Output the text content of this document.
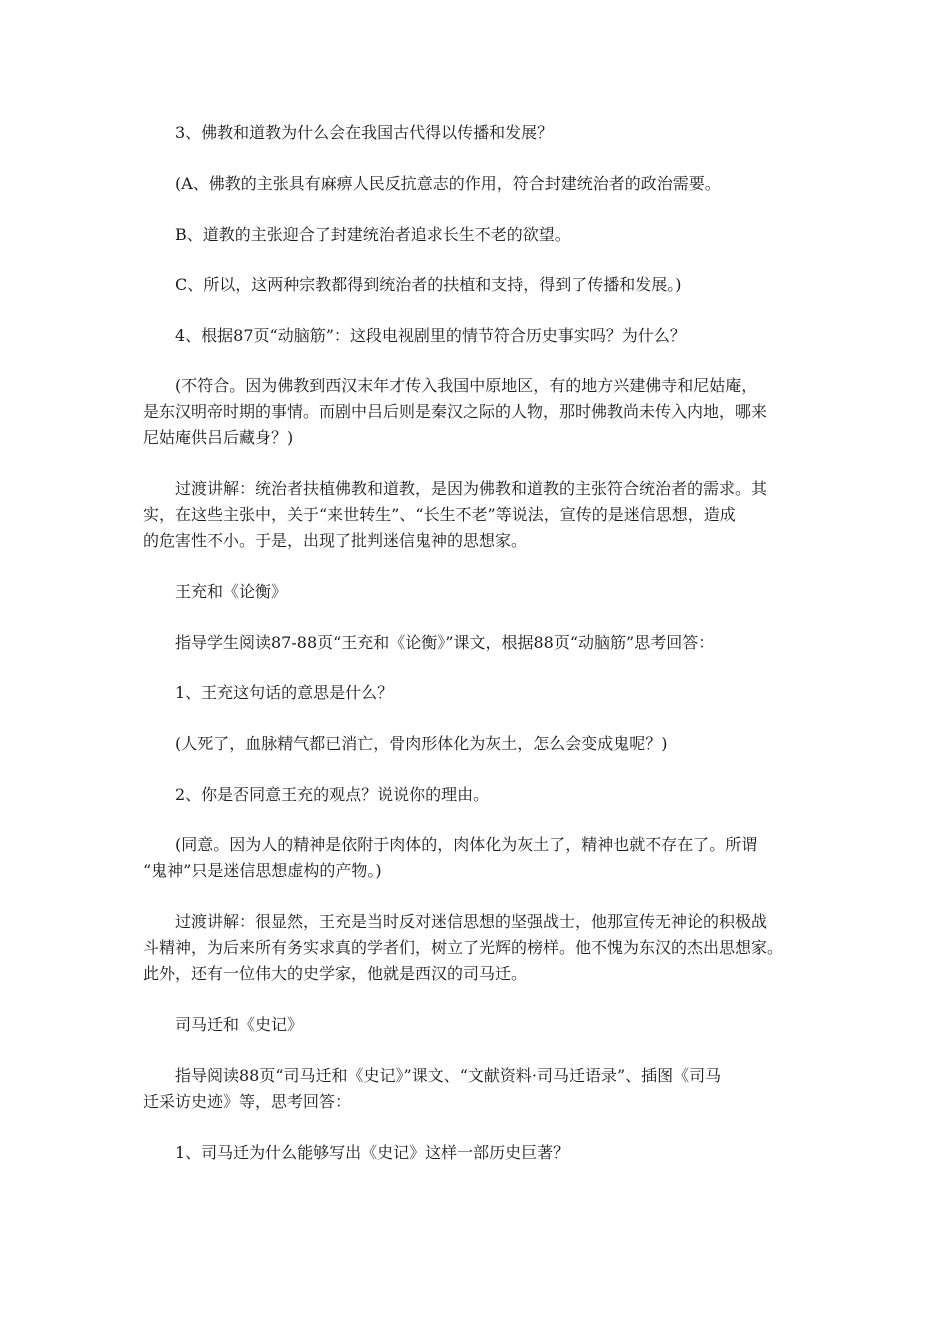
3、佛教和道教为什么会在我国古代得以传播和发展？
(A、佛教的主张具有麻痹人民反抗意志的作用，符合封建统治者的政治需要。
B、道教的主张迎合了封建统治者追求长生不老的欲望。
C、所以，这两种宗教都得到统治者的扶植和支持，得到了传播和发展。)
4、根据87页“动脑筋”：这段电视剧里的情节符合历史事实吗？为什么？
(不符合。因为佛教到西汉末年才传入我国中原地区，有的地方兴建佛寺和尼姑庵，
是东汉明帝时期的事情。而剧中吕后则是秦汉之际的人物，那时佛教尚未传入内地，哪来
尼姑庵供吕后藏身？)
过渡讲解：统治者扶植佛教和道教，是因为佛教和道教的主张符合统治者的需求。其
实，在这些主张中，关于“来世转生”、“长生不老”等说法，宣传的是迷信思想，造成
的危害性不小。于是，出现了批判迷信鬼神的思想家。
王充和《论衡》
指导学生阅读87-88页“王充和《论衡》”课文，根据88页“动脑筋”思考回答：
1、王充这句话的意思是什么？
(人死了，血脉精气都已消亡，骨肉形体化为灰土，怎么会变成鬼呢？)
2、你是否同意王充的观点？说说你的理由。
(同意。因为人的精神是依附于肉体的，肉体化为灰土了，精神也就不存在了。所谓
“鬼神”只是迷信思想虚构的产物。)
过渡讲解：很显然，王充是当时反对迷信思想的坚强战士，他那宣传无神论的积极战
斗精神，为后来所有务实求真的学者们，树立了光辉的榜样。他不愧为东汉的杰出思想家。
此外，还有一位伟大的史学家，他就是西汉的司马迁。
司马迁和《史记》
指导阅读88页“司马迁和《史记》”课文、“文献资料·司马迁语录”、插图《司马
迁采访史迹》等，思考回答：
1、司马迁为什么能够写出《史记》这样一部历史巨著？
